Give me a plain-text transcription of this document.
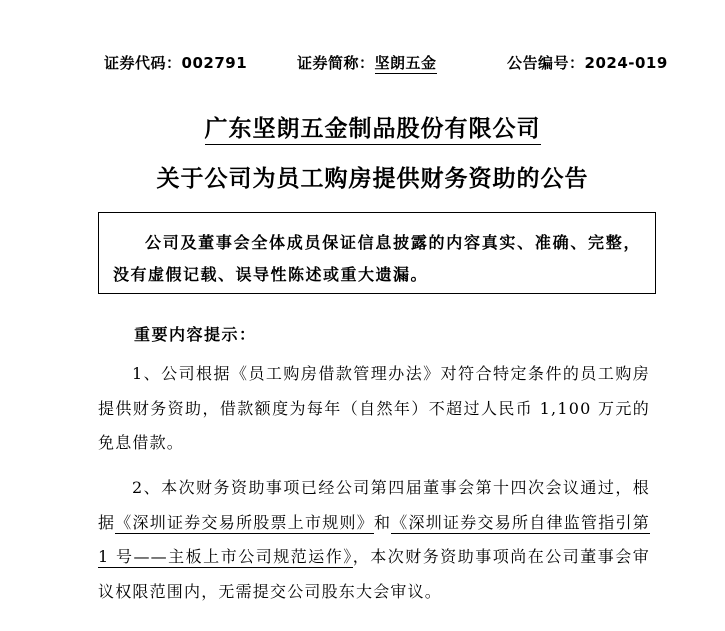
证券代码：002791	证券简称：坚朗五金	公告编号：2024-019
广东坚朗五金制品股份有限公司
关于公司为员工购房提供财务资助的公告
公司及董事会全体成员保证信息披露的内容真实、准确、完整，没有虚假记载、误导性陈述或重大遗漏。
重要内容提示：
1、公司根据《员工购房借款管理办法》对符合特定条件的员工购房提供财务资助，借款额度为每年（自然年）不超过人民币 1,100 万元的免息借款。
2、本次财务资助事项已经公司第四届董事会第十四次会议通过，根据《深圳证券交易所股票上市规则》和《深圳证券交易所自律监管指引第 1 号——主板上市公司规范运作》，本次财务资助事项尚在公司董事会审议权限范围内，无需提交公司股东大会审议。
